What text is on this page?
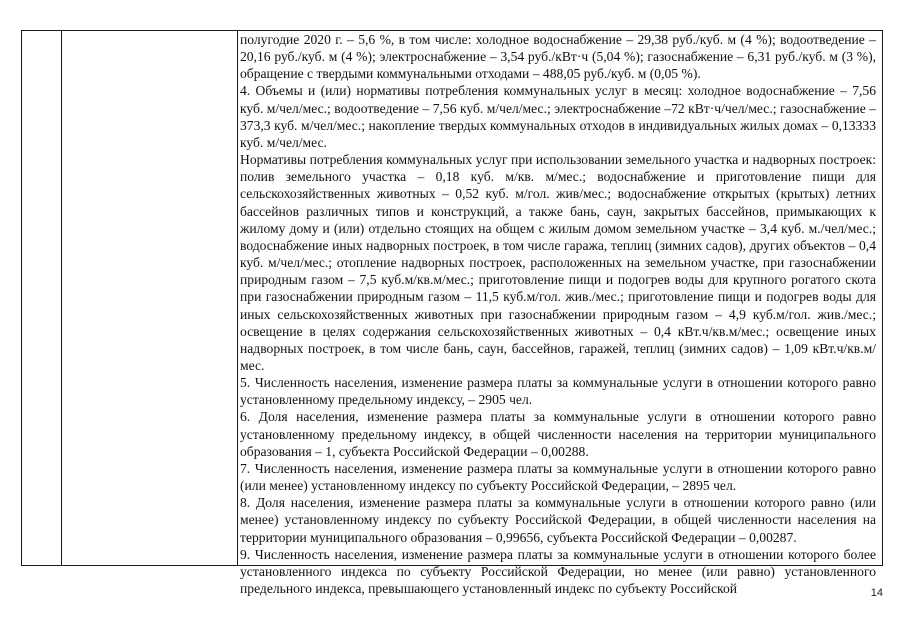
полугодие 2020 г. – 5,6 %, в том числе: холодное водоснабжение – 29,38 руб./куб. м (4 %); водоотведение – 20,16 руб./куб. м (4 %); электроснабжение – 3,54 руб./кВт·ч (5,04 %); газоснабжение – 6,31 руб./куб. м (3 %), обращение с твердыми коммунальными отходами – 488,05 руб./куб. м (0,05 %).

4. Объемы и (или) нормативы потребления коммунальных услуг в месяц: холодное водоснабжение – 7,56 куб. м/чел/мес.; водоотведение – 7,56 куб. м/чел/мес.; электроснабжение –72 кВт·ч/чел/мес.; газоснабжение – 373,3 куб. м/чел/мес.; накопление твердых коммунальных отходов в индивидуальных жилых домах – 0,13333 куб. м/чел/мес.

Нормативы потребления коммунальных услуг при использовании земельного участка и надворных построек: полив земельного участка – 0,18 куб. м/кв. м/мес.; водоснабжение и приготовление пищи для сельскохозяйственных животных – 0,52 куб. м/гол. жив/мес.; водоснабжение открытых (крытых) летних бассейнов различных типов и конструкций, а также бань, саун, закрытых бассейнов, примыкающих к жилому дому и (или) отдельно стоящих на общем с жилым домом земельном участке – 3,4 куб. м./чел/мес.; водоснабжение иных надворных построек, в том числе гаража, теплиц (зимних садов), других объектов – 0,4 куб. м/чел/мес.; отопление надворных построек, расположенных на земельном участке, при газоснабжении природным газом – 7,5 куб.м/кв.м/мес.; приготовление пищи и подогрев воды для крупного рогатого скота при газоснабжении природным газом – 11,5 куб.м/гол. жив./мес.; приготовление пищи и подогрев воды для иных сельскохозяйственных животных при газоснабжении природным газом – 4,9 куб.м/гол. жив./мес.; освещение в целях содержания сельскохозяйственных животных – 0,4 кВт.ч/кв.м/мес.; освещение иных надворных построек, в том числе бань, саун, бассейнов, гаражей, теплиц (зимних садов) – 1,09 кВт.ч/кв.м/мес.

5. Численность населения, изменение размера платы за коммунальные услуги в отношении которого равно установленному предельному индексу, – 2905 чел.

6. Доля населения, изменение размера платы за коммунальные услуги в отношении которого равно установленному предельному индексу, в общей численности населения на территории муниципального образования – 1, субъекта Российской Федерации – 0,00288.

7. Численность населения, изменение размера платы за коммунальные услуги в отношении которого равно (или менее) установленному индексу по субъекту Российской Федерации, – 2895 чел.

8. Доля населения, изменение размера платы за коммунальные услуги в отношении которого равно (или менее) установленному индексу по субъекту Российской Федерации, в общей численности населения на территории муниципального образования – 0,99656, субъекта Российской Федерации – 0,00287.

9. Численность населения, изменение размера платы за коммунальные услуги в отношении которого более установленного индекса по субъекту Российской Федерации, но менее (или равно) установленного предельного индекса, превышающего установленный индекс по субъекту Российской	14
